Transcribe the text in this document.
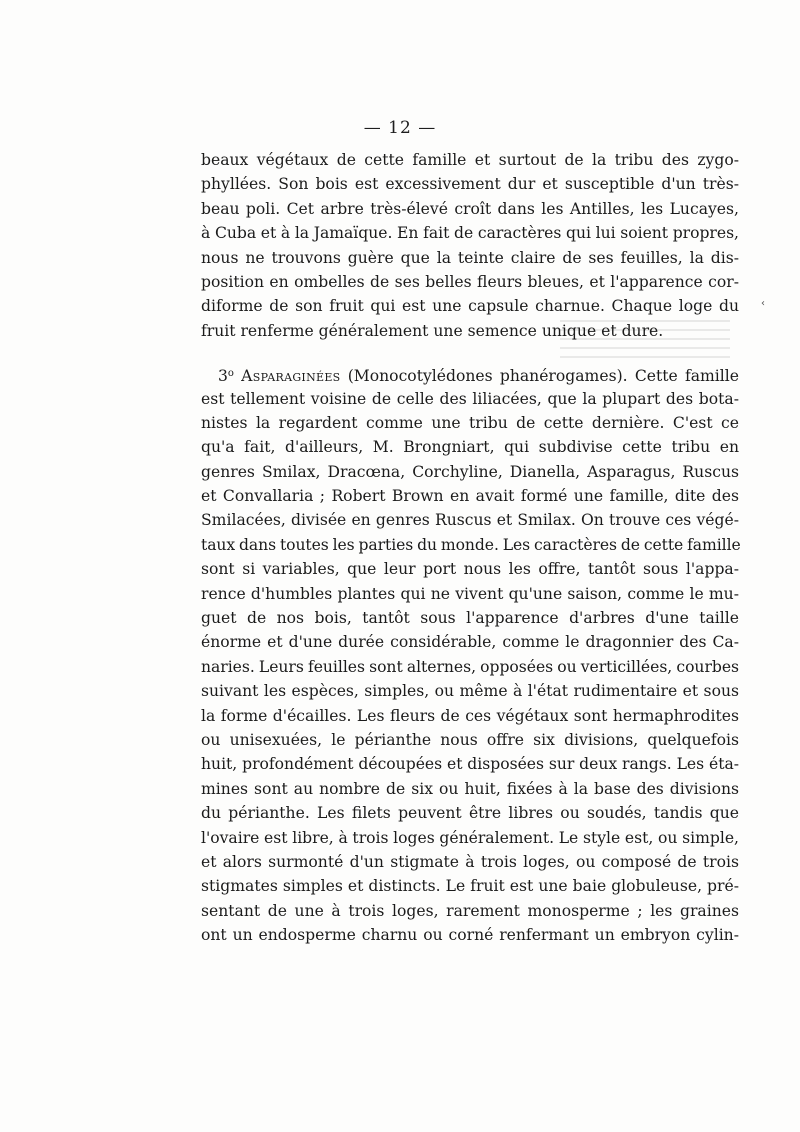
— 12 —
‹
beaux végétaux de cette famille et surtout de la tribu des zygo-
phyllées. Son bois est excessivement dur et susceptible d'un très-
beau poli. Cet arbre très-élevé croît dans les Antilles, les Lucayes,
à Cuba et à la Jamaïque. En fait de caractères qui lui soient propres,
nous ne trouvons guère que la teinte claire de ses feuilles, la dis-
position en ombelles de ses belles fleurs bleues, et l'apparence cor-
diforme de son fruit qui est une capsule charnue. Chaque loge du
fruit renferme généralement une semence unique et dure.
3$^o$ Asparaginées (Monocotylédones phanérogames). Cette famille
est tellement voisine de celle des liliacées, que la plupart des bota-
nistes la regardent comme une tribu de cette dernière. C'est ce
qu'a fait, d'ailleurs, M. Brongniart, qui subdivise cette tribu en
genres Smilax, Dracœna, Corchyline, Dianella, Asparagus, Ruscus
et Convallaria ; Robert Brown en avait formé une famille, dite des
Smilacées, divisée en genres Ruscus et Smilax. On trouve ces végé-
taux dans toutes les parties du monde. Les caractères de cette famille
sont si variables, que leur port nous les offre, tantôt sous l'appa-
rence d'humbles plantes qui ne vivent qu'une saison, comme le mu-
guet de nos bois, tantôt sous l'apparence d'arbres d'une taille
énorme et d'une durée considérable, comme le dragonnier des Ca-
naries. Leurs feuilles sont alternes, opposées ou verticillées, courbes
suivant les espèces, simples, ou même à l'état rudimentaire et sous
la forme d'écailles. Les fleurs de ces végétaux sont hermaphrodites
ou unisexuées, le périanthe nous offre six divisions, quelquefois
huit, profondément découpées et disposées sur deux rangs. Les éta-
mines sont au nombre de six ou huit, fixées à la base des divisions
du périanthe. Les filets peuvent être libres ou soudés, tandis que
l'ovaire est libre, à trois loges généralement. Le style est, ou simple,
et alors surmonté d'un stigmate à trois loges, ou composé de trois
stigmates simples et distincts. Le fruit est une baie globuleuse, pré-
sentant de une à trois loges, rarement monosperme ; les graines
ont un endosperme charnu ou corné renfermant un embryon cylin-
